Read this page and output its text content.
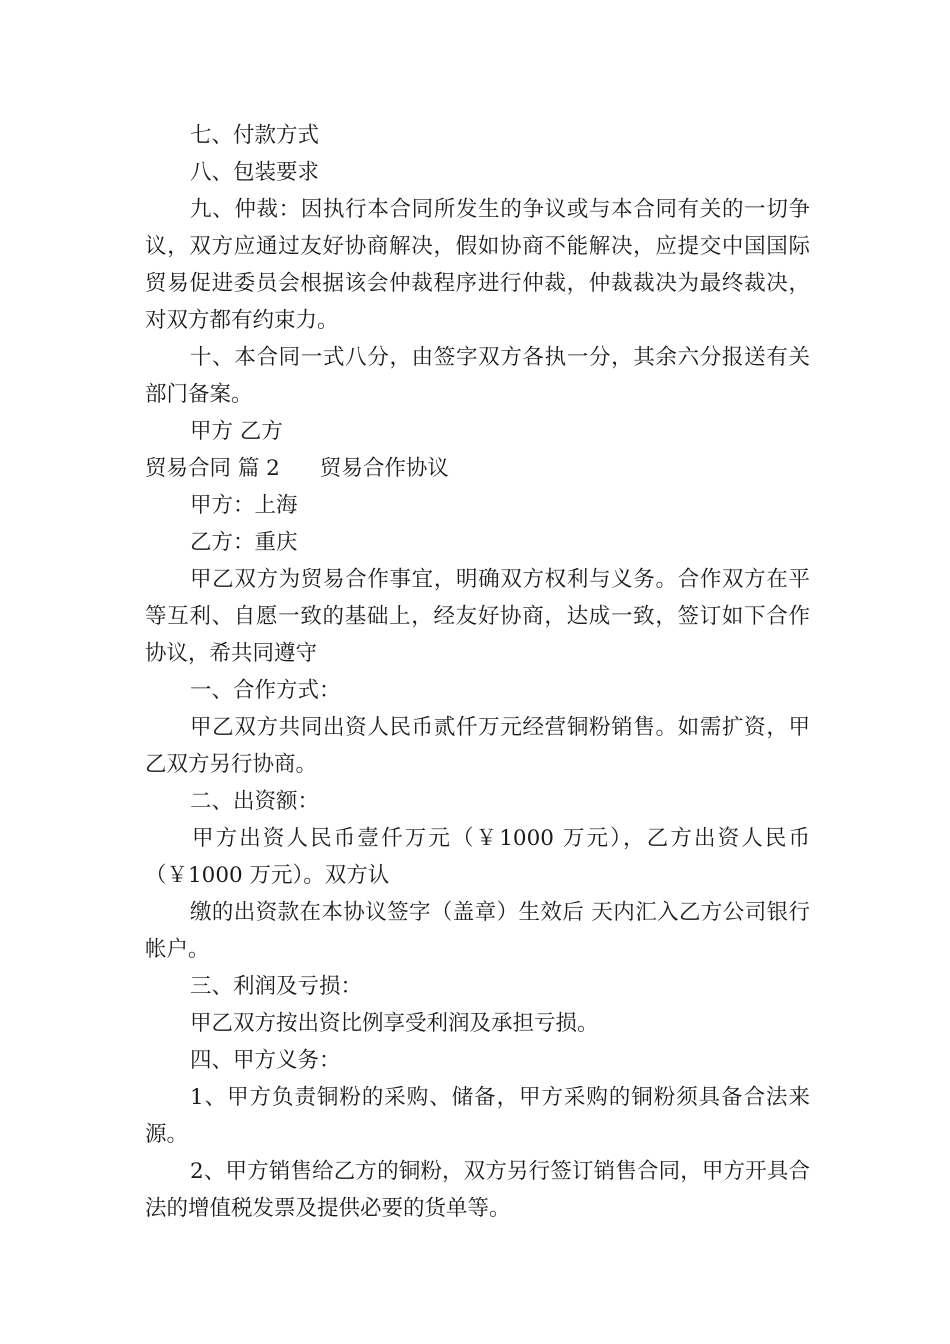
七、付款方式

八、包装要求

九、仲裁：因执行本合同所发生的争议或与本合同有关的一切争议，双方应通过友好协商解决，假如协商不能解决，应提交中国国际贸易促进委员会根据该会仲裁程序进行仲裁，仲裁裁决为最终裁决，对双方都有约束力。

十、本合同一式八分，由签字双方各执一分，其余六分报送有关部门备案。

甲方 乙方

贸易合同 篇 2 贸易合作协议

甲方：上海

乙方：重庆

甲乙双方为贸易合作事宜，明确双方权利与义务。合作双方在平等互利、自愿一致的基础上，经友好协商，达成一致，签订如下合作协议，希共同遵守

一、合作方式：

甲乙双方共同出资人民币贰仟万元经营铜粉销售。如需扩资，甲乙双方另行协商。

二、出资额：

甲方出资人民币壹仟万元（￥1000 万元），乙方出资人民币（￥1000 万元）。双方认

缴的出资款在本协议签字（盖章）生效后 天内汇入乙方公司银行帐户。

三、利润及亏损：

甲乙双方按出资比例享受利润及承担亏损。

四、甲方义务：

1、甲方负责铜粉的采购、储备，甲方采购的铜粉须具备合法来源。

2、甲方销售给乙方的铜粉，双方另行签订销售合同，甲方开具合法的增值税发票及提供必要的货单等。
